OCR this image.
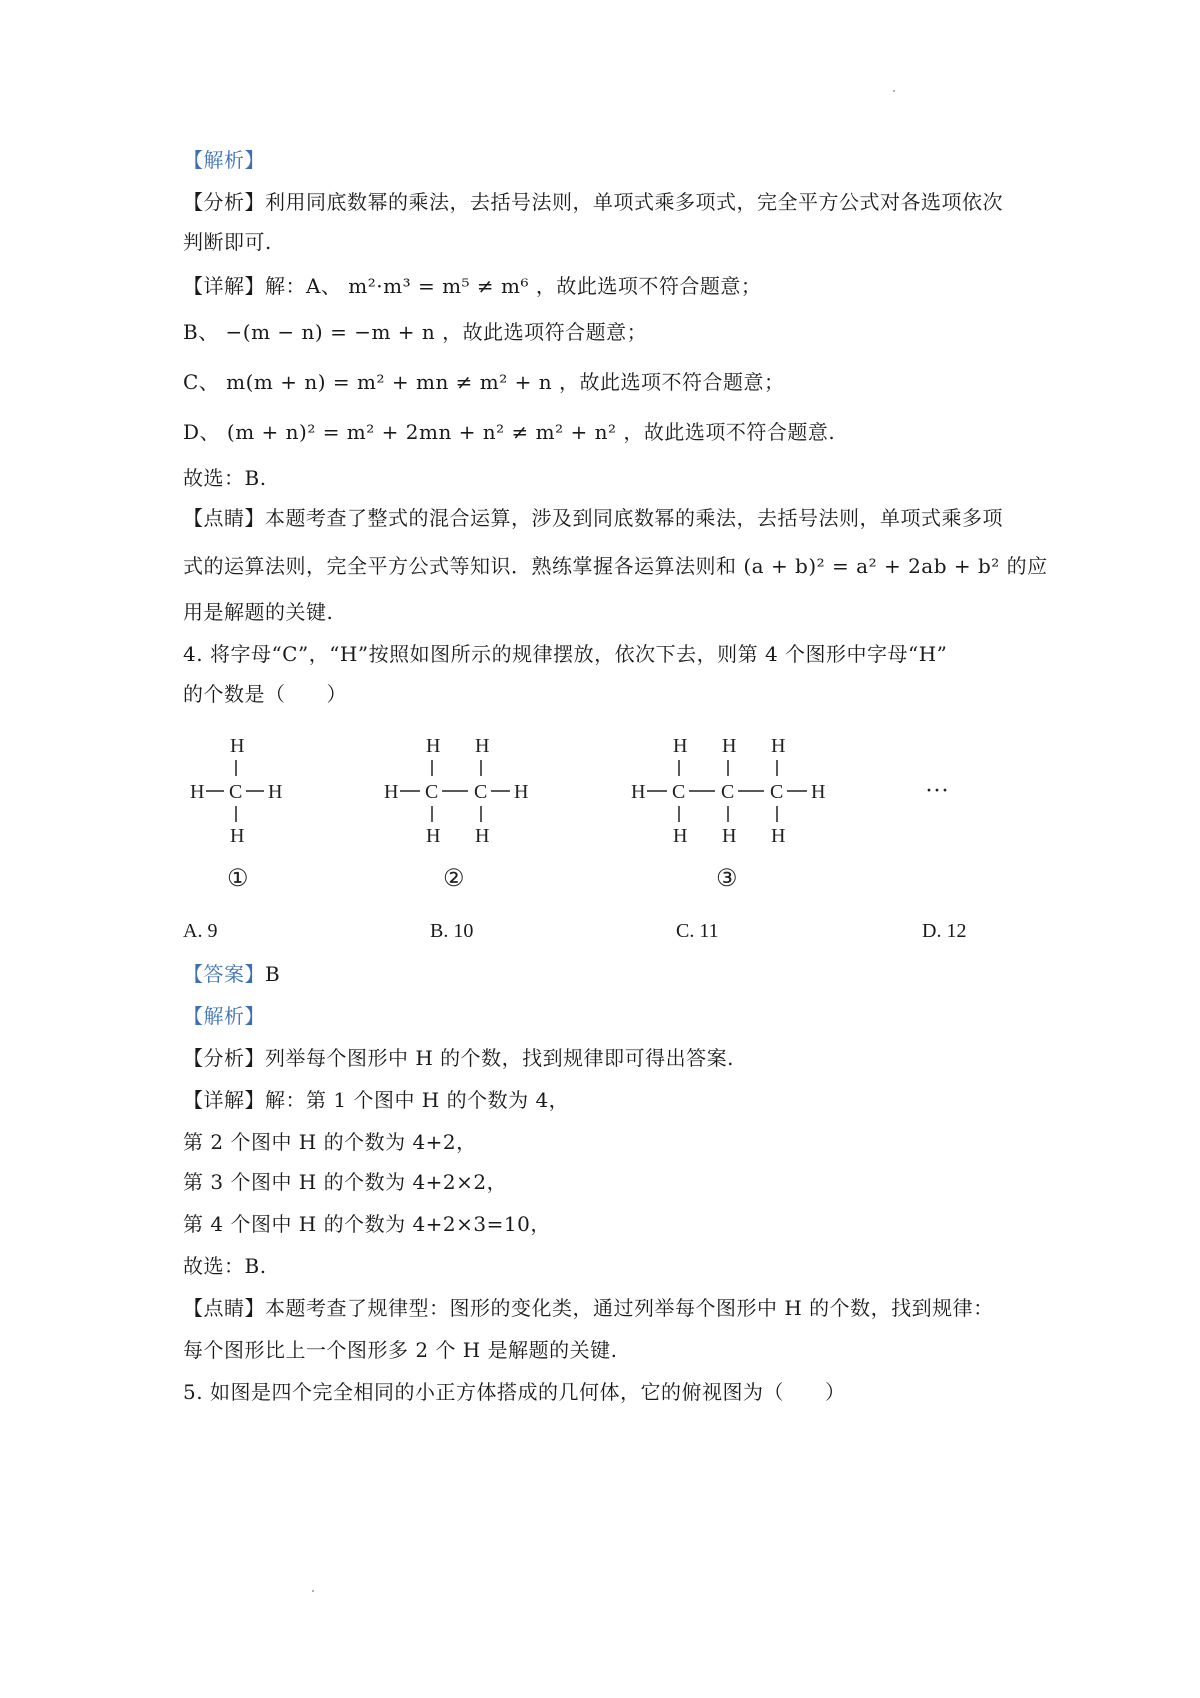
【解析】
【分析】利用同底数幂的乘法，去括号法则，单项式乘多项式，完全平方公式对各选项依次
判断即可.
【详解】解：A、 m²·m³ = m⁵ ≠ m⁶ ，故此选项不符合题意；
B、 −(m − n) = −m + n ，故此选项符合题意；
C、 m(m + n) = m² + mn ≠ m² + n ，故此选项不符合题意；
D、 (m + n)² = m² + 2mn + n² ≠ m² + n² ，故此选项不符合题意.
故选：B.
【点睛】本题考查了整式的混合运算，涉及到同底数幂的乘法，去括号法则，单项式乘多项
式的运算法则，完全平方公式等知识．熟练掌握各运算法则和 (a + b)² = a² + 2ab + b² 的应
用是解题的关键.
4. 将字母“C”，“H”按照如图所示的规律摆放，依次下去，则第 4 个图形中字母“H”
的个数是（　　）
H
H C H
H
①
H H
H C C H
H H
②
H H H
H C C C H
H H H
③
···
A. 9	B. 10	C. 11	D. 12
【答案】B
【解析】
【分析】列举每个图形中 H 的个数，找到规律即可得出答案.
【详解】解：第 1 个图中 H 的个数为 4，
第 2 个图中 H 的个数为 4+2，
第 3 个图中 H 的个数为 4+2×2，
第 4 个图中 H 的个数为 4+2×3=10，
故选：B.
【点睛】本题考查了规律型：图形的变化类，通过列举每个图形中 H 的个数，找到规律：
每个图形比上一个图形多 2 个 H 是解题的关键.
5. 如图是四个完全相同的小正方体搭成的几何体，它的俯视图为（　　）
